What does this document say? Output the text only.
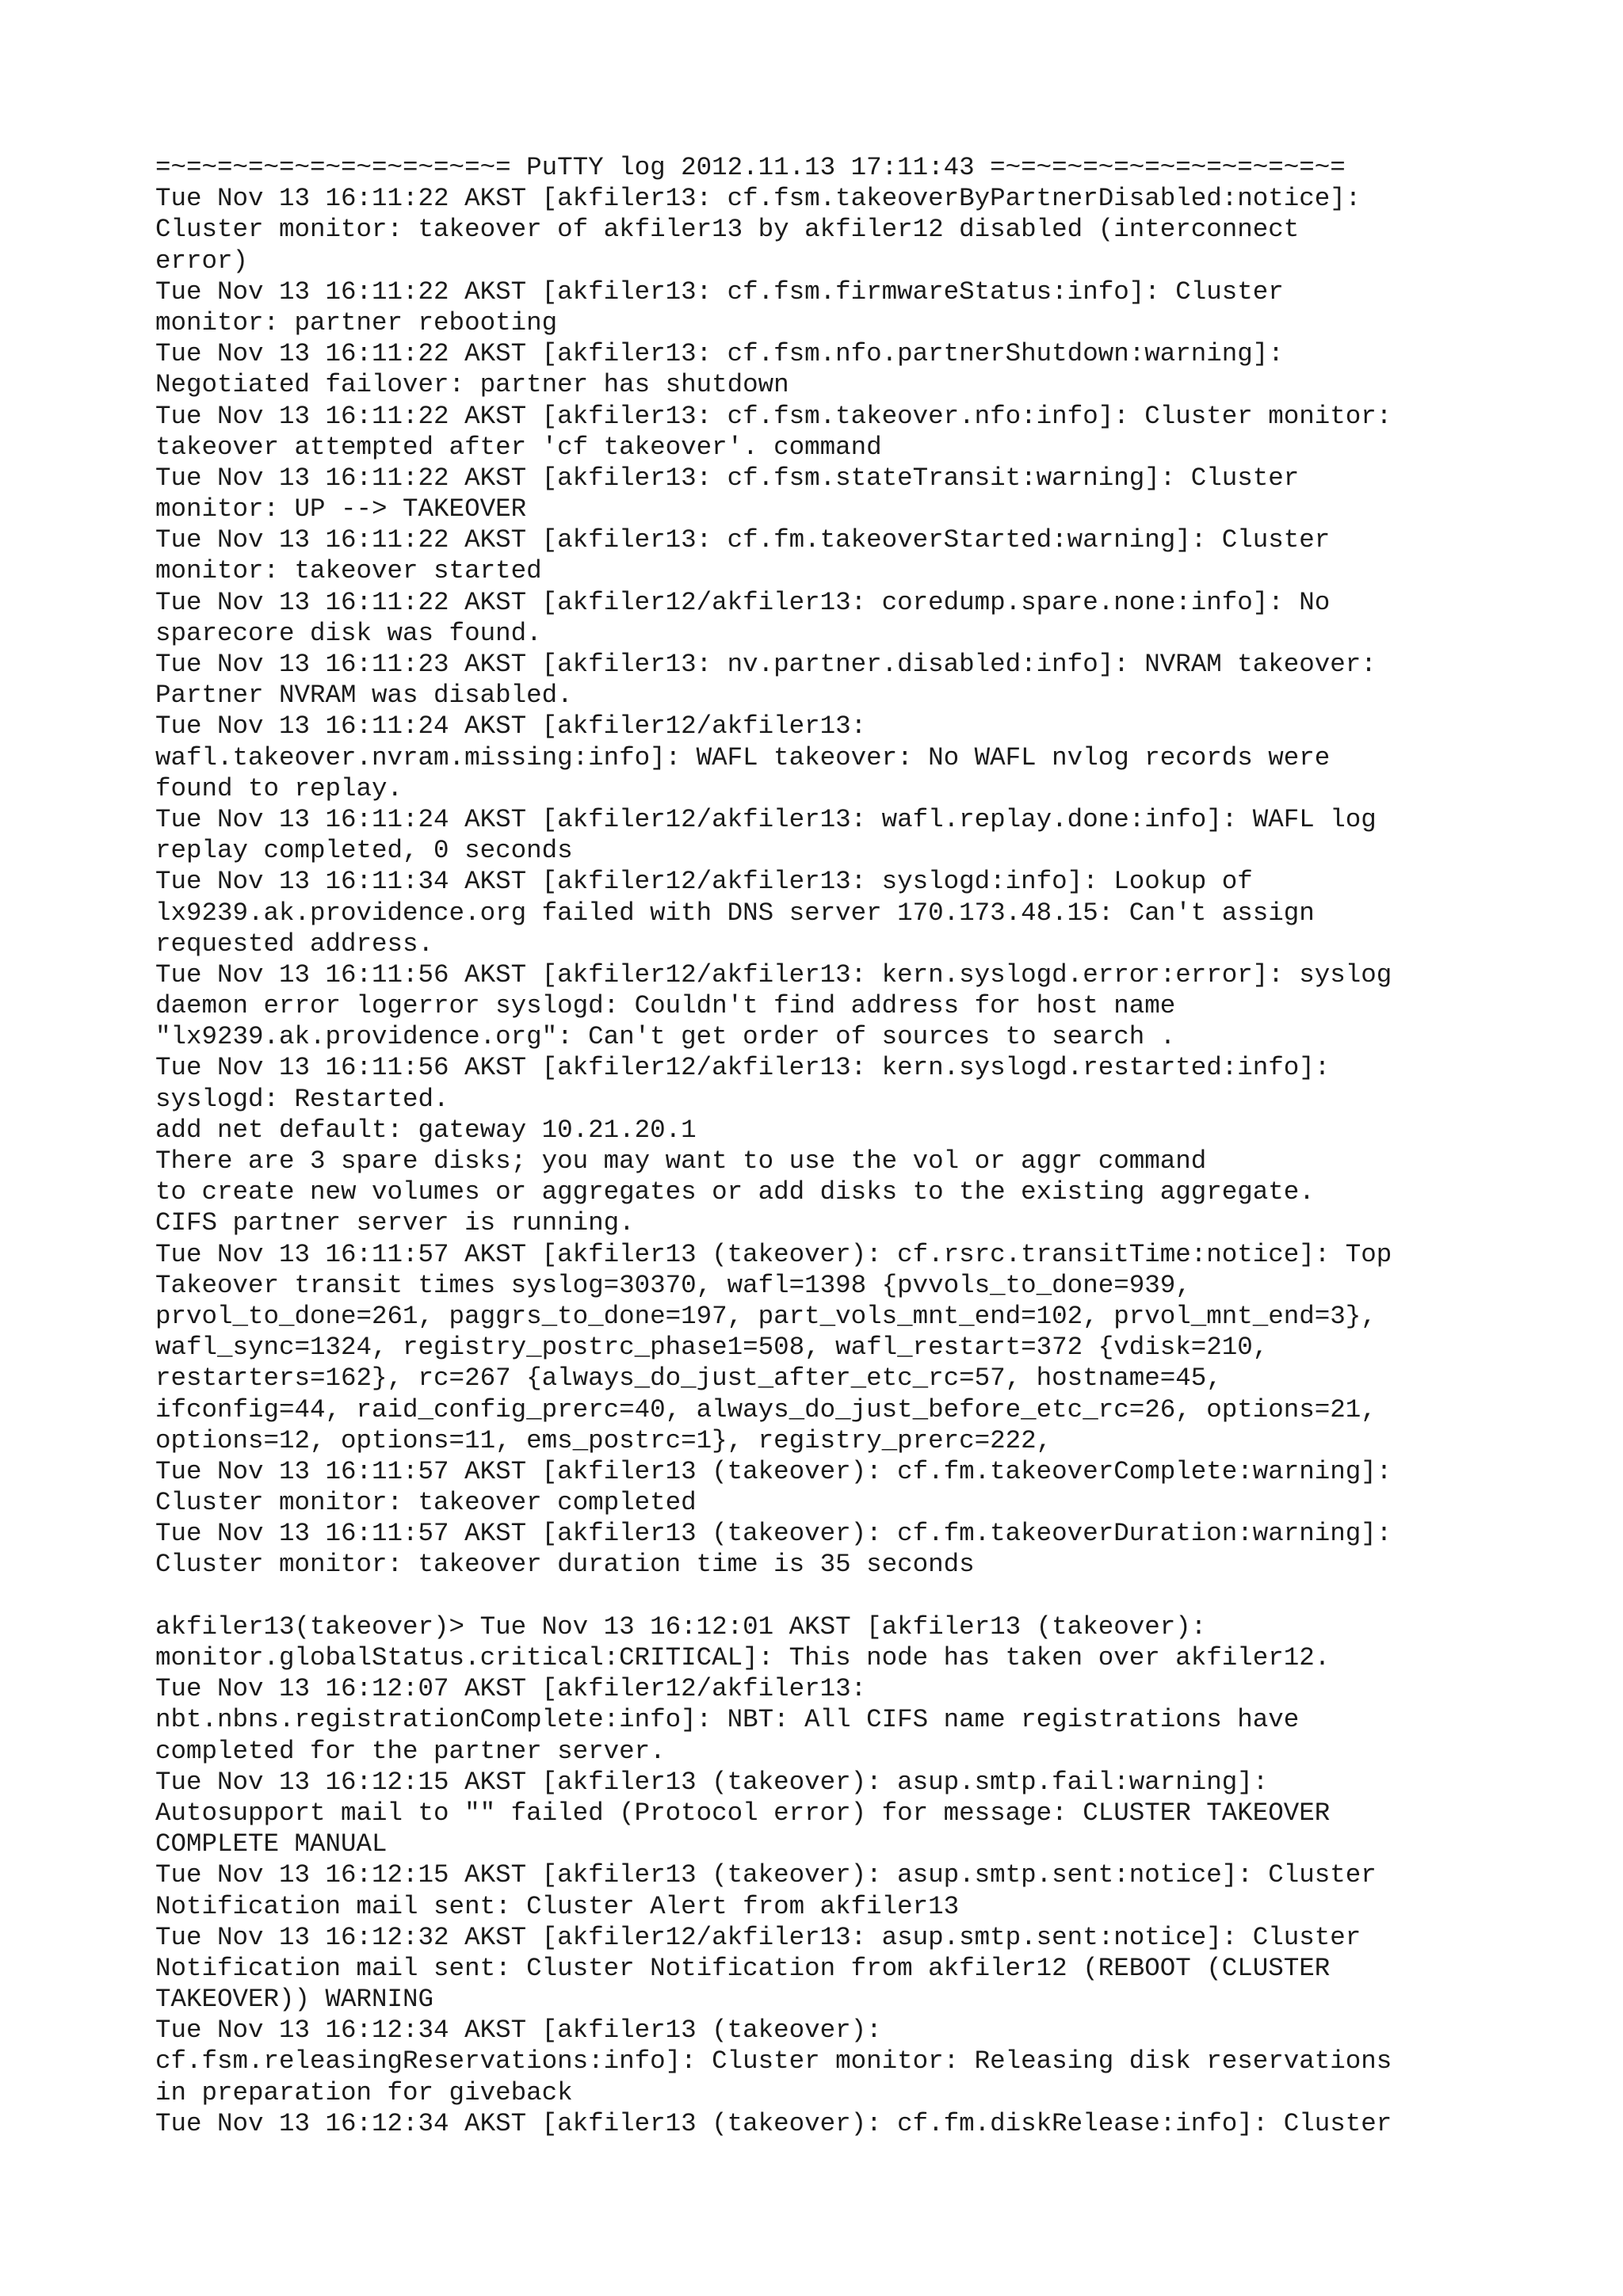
=~=~=~=~=~=~=~=~=~=~=~= PuTTY log 2012.11.13 17:11:43 =~=~=~=~=~=~=~=~=~=~=~=
Tue Nov 13 16:11:22 AKST [akfiler13: cf.fsm.takeoverByPartnerDisabled:notice]:
Cluster monitor: takeover of akfiler13 by akfiler12 disabled (interconnect
error)
Tue Nov 13 16:11:22 AKST [akfiler13: cf.fsm.firmwareStatus:info]: Cluster
monitor: partner rebooting
Tue Nov 13 16:11:22 AKST [akfiler13: cf.fsm.nfo.partnerShutdown:warning]:
Negotiated failover: partner has shutdown
Tue Nov 13 16:11:22 AKST [akfiler13: cf.fsm.takeover.nfo:info]: Cluster monitor:
takeover attempted after 'cf takeover'. command
Tue Nov 13 16:11:22 AKST [akfiler13: cf.fsm.stateTransit:warning]: Cluster
monitor: UP --> TAKEOVER
Tue Nov 13 16:11:22 AKST [akfiler13: cf.fm.takeoverStarted:warning]: Cluster
monitor: takeover started
Tue Nov 13 16:11:22 AKST [akfiler12/akfiler13: coredump.spare.none:info]: No
sparecore disk was found.
Tue Nov 13 16:11:23 AKST [akfiler13: nv.partner.disabled:info]: NVRAM takeover:
Partner NVRAM was disabled.
Tue Nov 13 16:11:24 AKST [akfiler12/akfiler13:
wafl.takeover.nvram.missing:info]: WAFL takeover: No WAFL nvlog records were
found to replay.
Tue Nov 13 16:11:24 AKST [akfiler12/akfiler13: wafl.replay.done:info]: WAFL log
replay completed, 0 seconds
Tue Nov 13 16:11:34 AKST [akfiler12/akfiler13: syslogd:info]: Lookup of
lx9239.ak.providence.org failed with DNS server 170.173.48.15: Can't assign
requested address.
Tue Nov 13 16:11:56 AKST [akfiler12/akfiler13: kern.syslogd.error:error]: syslog
daemon error logerror syslogd: Couldn't find address for host name
"lx9239.ak.providence.org": Can't get order of sources to search .
Tue Nov 13 16:11:56 AKST [akfiler12/akfiler13: kern.syslogd.restarted:info]:
syslogd: Restarted.
add net default: gateway 10.21.20.1
There are 3 spare disks; you may want to use the vol or aggr command
to create new volumes or aggregates or add disks to the existing aggregate.
CIFS partner server is running.
Tue Nov 13 16:11:57 AKST [akfiler13 (takeover): cf.rsrc.transitTime:notice]: Top
Takeover transit times syslog=30370, wafl=1398 {pvvols_to_done=939,
prvol_to_done=261, paggrs_to_done=197, part_vols_mnt_end=102, prvol_mnt_end=3},
wafl_sync=1324, registry_postrc_phase1=508, wafl_restart=372 {vdisk=210,
restarters=162}, rc=267 {always_do_just_after_etc_rc=57, hostname=45,
ifconfig=44, raid_config_prerc=40, always_do_just_before_etc_rc=26, options=21,
options=12, options=11, ems_postrc=1}, registry_prerc=222,
Tue Nov 13 16:11:57 AKST [akfiler13 (takeover): cf.fm.takeoverComplete:warning]:
Cluster monitor: takeover completed
Tue Nov 13 16:11:57 AKST [akfiler13 (takeover): cf.fm.takeoverDuration:warning]:
Cluster monitor: takeover duration time is 35 seconds
akfiler13(takeover)> Tue Nov 13 16:12:01 AKST [akfiler13 (takeover):
monitor.globalStatus.critical:CRITICAL]: This node has taken over akfiler12.
Tue Nov 13 16:12:07 AKST [akfiler12/akfiler13:
nbt.nbns.registrationComplete:info]: NBT: All CIFS name registrations have
completed for the partner server.
Tue Nov 13 16:12:15 AKST [akfiler13 (takeover): asup.smtp.fail:warning]:
Autosupport mail to "" failed (Protocol error) for message: CLUSTER TAKEOVER
COMPLETE MANUAL
Tue Nov 13 16:12:15 AKST [akfiler13 (takeover): asup.smtp.sent:notice]: Cluster
Notification mail sent: Cluster Alert from akfiler13
Tue Nov 13 16:12:32 AKST [akfiler12/akfiler13: asup.smtp.sent:notice]: Cluster
Notification mail sent: Cluster Notification from akfiler12 (REBOOT (CLUSTER
TAKEOVER)) WARNING
Tue Nov 13 16:12:34 AKST [akfiler13 (takeover):
cf.fsm.releasingReservations:info]: Cluster monitor: Releasing disk reservations
in preparation for giveback
Tue Nov 13 16:12:34 AKST [akfiler13 (takeover): cf.fm.diskRelease:info]: Cluster
